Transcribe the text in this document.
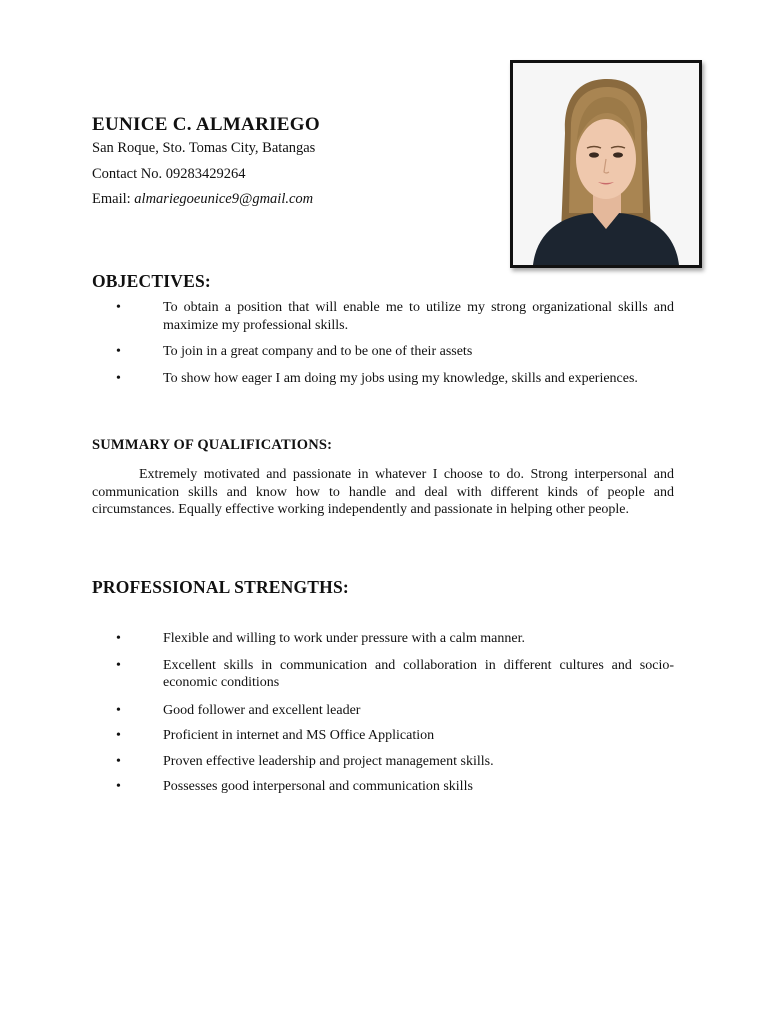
EUNICE C. ALMARIEGO
San Roque, Sto. Tomas City, Batangas
Contact No. 09283429264
Email: almariegoeunice9@gmail.com
OBJECTIVES:
•	To obtain a position that will enable me to utilize my strong organizational skills and maximize my professional skills.
•	To join in a great company and to be one of their assets
•	To show how eager I am doing my jobs using my knowledge, skills and experiences.
SUMMARY OF QUALIFICATIONS:

Extremely motivated and passionate in whatever I choose to do. Strong interpersonal and communication skills and know how to handle and deal with different kinds of people and circumstances. Equally effective working independently and passionate in helping other people.

PROFESSIONAL STRENGTHS:
•	Flexible and willing to work under pressure with a calm manner.
•	Excellent skills in communication and collaboration in different cultures and socio- economic conditions
•	Good follower and excellent leader
•	Proficient in internet and MS Office Application
•	Proven effective leadership and project management skills.
•	Possesses good interpersonal and communication skills
